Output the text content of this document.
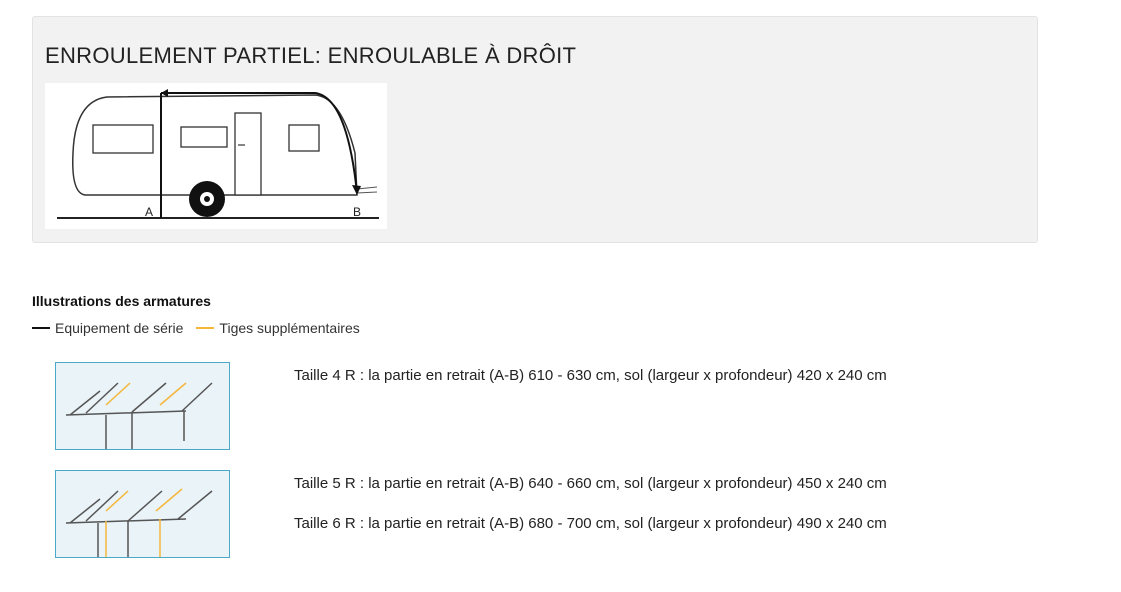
ENROULEMENT PARTIEL: ENROULABLE À DRÔIT
A	B
Illustrations des armatures
Equipement de série	Tiges supplémentaires
Taille 4 R : la partie en retrait (A-B) 610 - 630 cm, sol (largeur x profondeur) 420 x 240 cm
Taille 5 R : la partie en retrait (A-B) 640 - 660 cm, sol (largeur x profondeur) 450 x 240 cm
Taille 6 R : la partie en retrait (A-B) 680 - 700 cm, sol (largeur x profondeur) 490 x 240 cm
